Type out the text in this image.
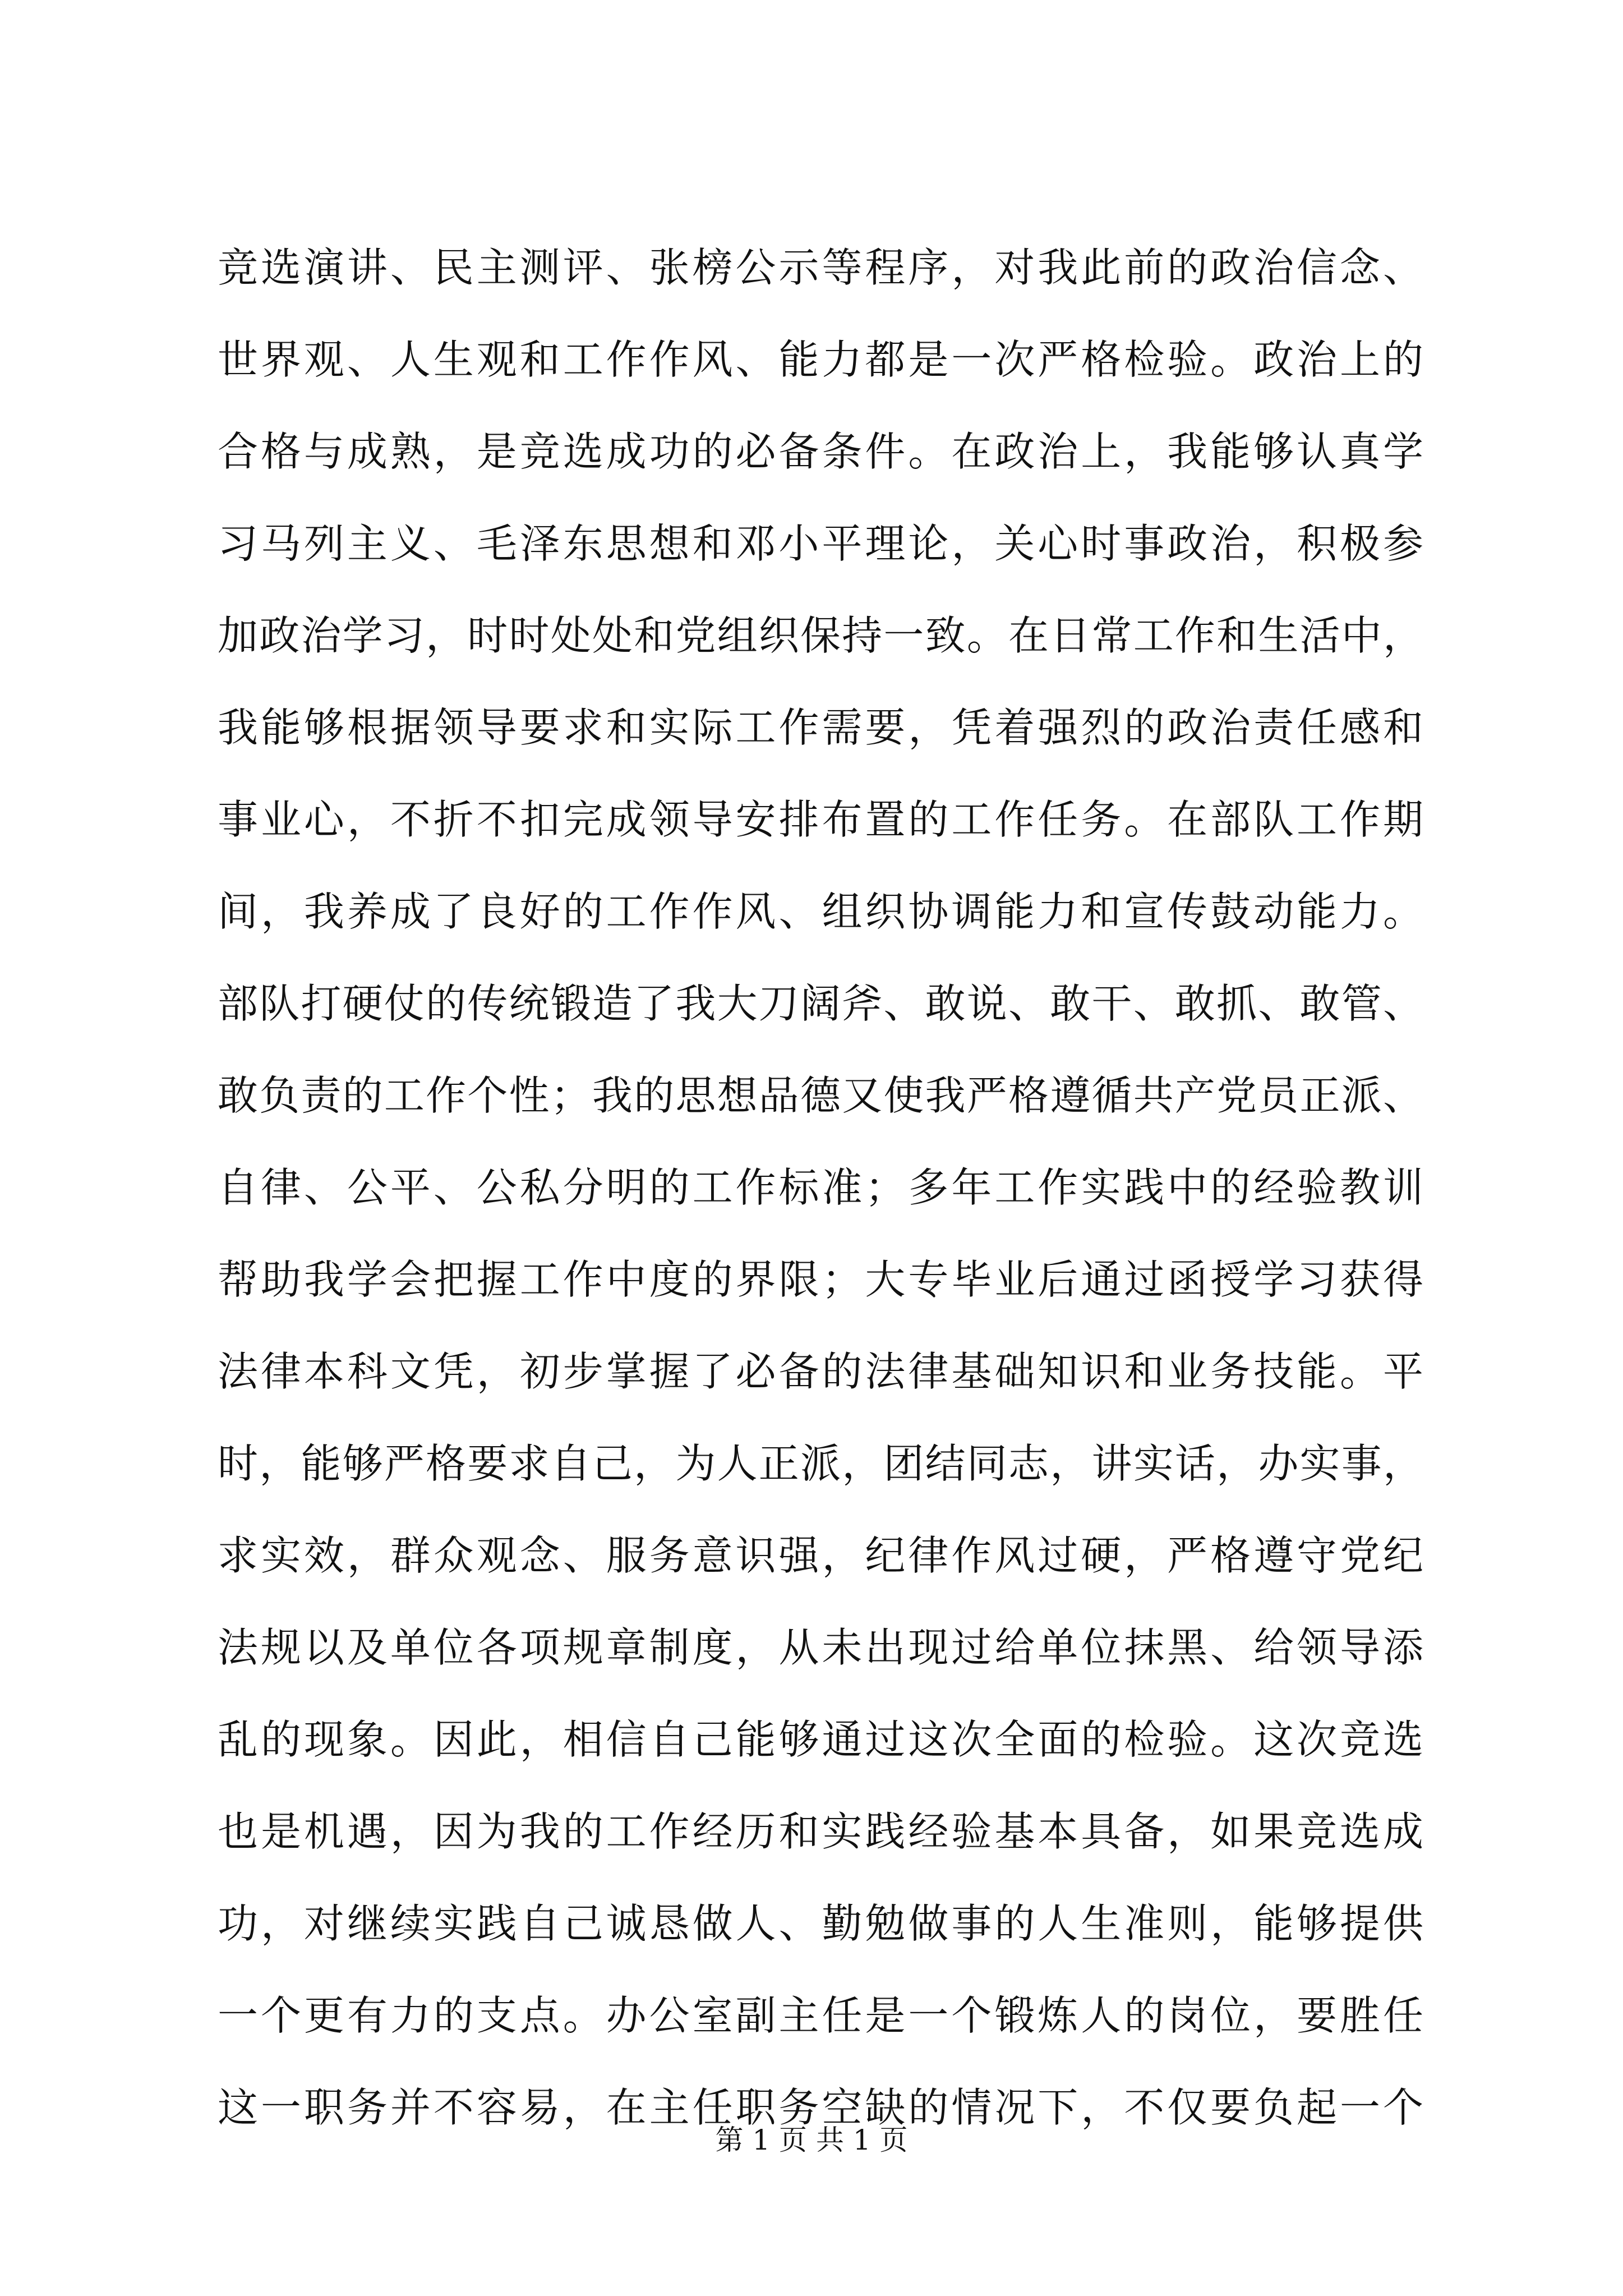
竞选演讲、民主测评、张榜公示等程序，对我此前的政治信念、
世界观、人生观和工作作风、能力都是一次严格检验。政治上的
合格与成熟，是竞选成功的必备条件。在政治上，我能够认真学
习马列主义、毛泽东思想和邓小平理论，关心时事政治，积极参
加政治学习，时时处处和党组织保持一致。在日常工作和生活中，
我能够根据领导要求和实际工作需要，凭着强烈的政治责任感和
事业心，不折不扣完成领导安排布置的工作任务。在部队工作期
间，我养成了良好的工作作风、组织协调能力和宣传鼓动能力。
部队打硬仗的传统锻造了我大刀阔斧、敢说、敢干、敢抓、敢管、
敢负责的工作个性；我的思想品德又使我严格遵循共产党员正派、
自律、公平、公私分明的工作标准；多年工作实践中的经验教训
帮助我学会把握工作中度的界限；大专毕业后通过函授学习获得
法律本科文凭，初步掌握了必备的法律基础知识和业务技能。平
时，能够严格要求自己，为人正派，团结同志，讲实话，办实事，
求实效，群众观念、服务意识强，纪律作风过硬，严格遵守党纪
法规以及单位各项规章制度，从未出现过给单位抹黑、给领导添
乱的现象。因此，相信自己能够通过这次全面的检验。这次竞选
也是机遇，因为我的工作经历和实践经验基本具备，如果竞选成
功，对继续实践自己诚恳做人、勤勉做事的人生准则，能够提供
一个更有力的支点。办公室副主任是一个锻炼人的岗位，要胜任
这一职务并不容易，在主任职务空缺的情况下，不仅要负起一个
第 1 页 共 1 页
